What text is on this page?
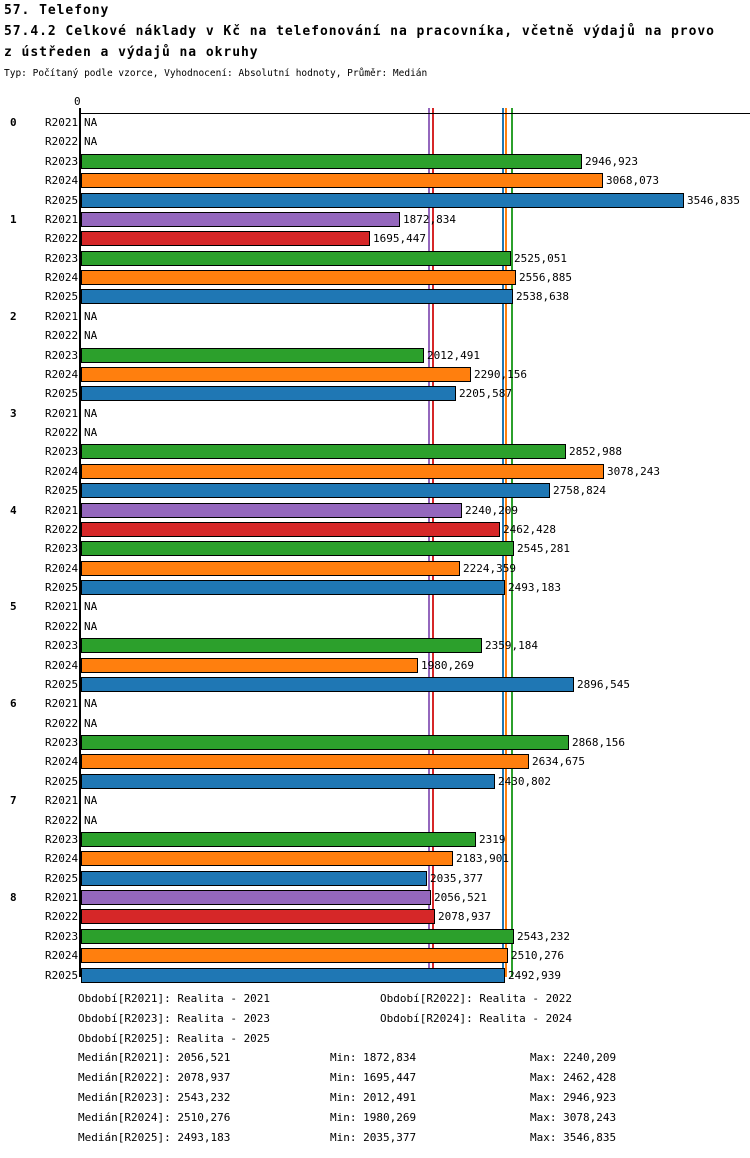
57. Telefony
57.4.2 Celkové náklady v Kč na telefonování na pracovníka, včetně výdajů na provo
z ústředen a výdajů na okruhy
Typ: Počítaný podle vzorce, Vyhodnocení: Absolutní hodnoty, Průměr: Medián
0
0	R2021 NA
R2022 NA
R2023	2946,923
R2024	3068,073
R2025	3546,835
1	R2021	1872,834
R2022	1695,447
R2023	2525,051
R2024	2556,885
R2025	2538,638
2	R2021 NA
R2022 NA
R2023	2012,491
R2024	2290,156
R2025	2205,587
3	R2021 NA
R2022 NA
R2023	2852,988
R2024	3078,243
R2025	2758,824
4	R2021	2240,209
R2022	2462,428
R2023	2545,281
R2024	2224,359
R2025	2493,183
5	R2021 NA
R2022 NA
R2023	2359,184
R2024	1980,269
R2025	2896,545
6	R2021 NA
R2022 NA
R2023	2868,156
R2024	2634,675
R2025	2430,802
7	R2021 NA
R2022 NA
R2023	2319
R2024	2183,901
R2025	2035,377
8	R2021	2056,521
R2022	2078,937
R2023	2543,232
R2024	2510,276
R2025	2492,939
Období[R2021]: Realita - 2021	Období[R2022]: Realita - 2022
Období[R2023]: Realita - 2023	Období[R2024]: Realita - 2024
Období[R2025]: Realita - 2025
Medián[R2021]: 2056,521	Min: 1872,834	Max: 2240,209
Medián[R2022]: 2078,937	Min: 1695,447	Max: 2462,428
Medián[R2023]: 2543,232	Min: 2012,491	Max: 2946,923
Medián[R2024]: 2510,276	Min: 1980,269	Max: 3078,243
Medián[R2025]: 2493,183	Min: 2035,377	Max: 3546,835
